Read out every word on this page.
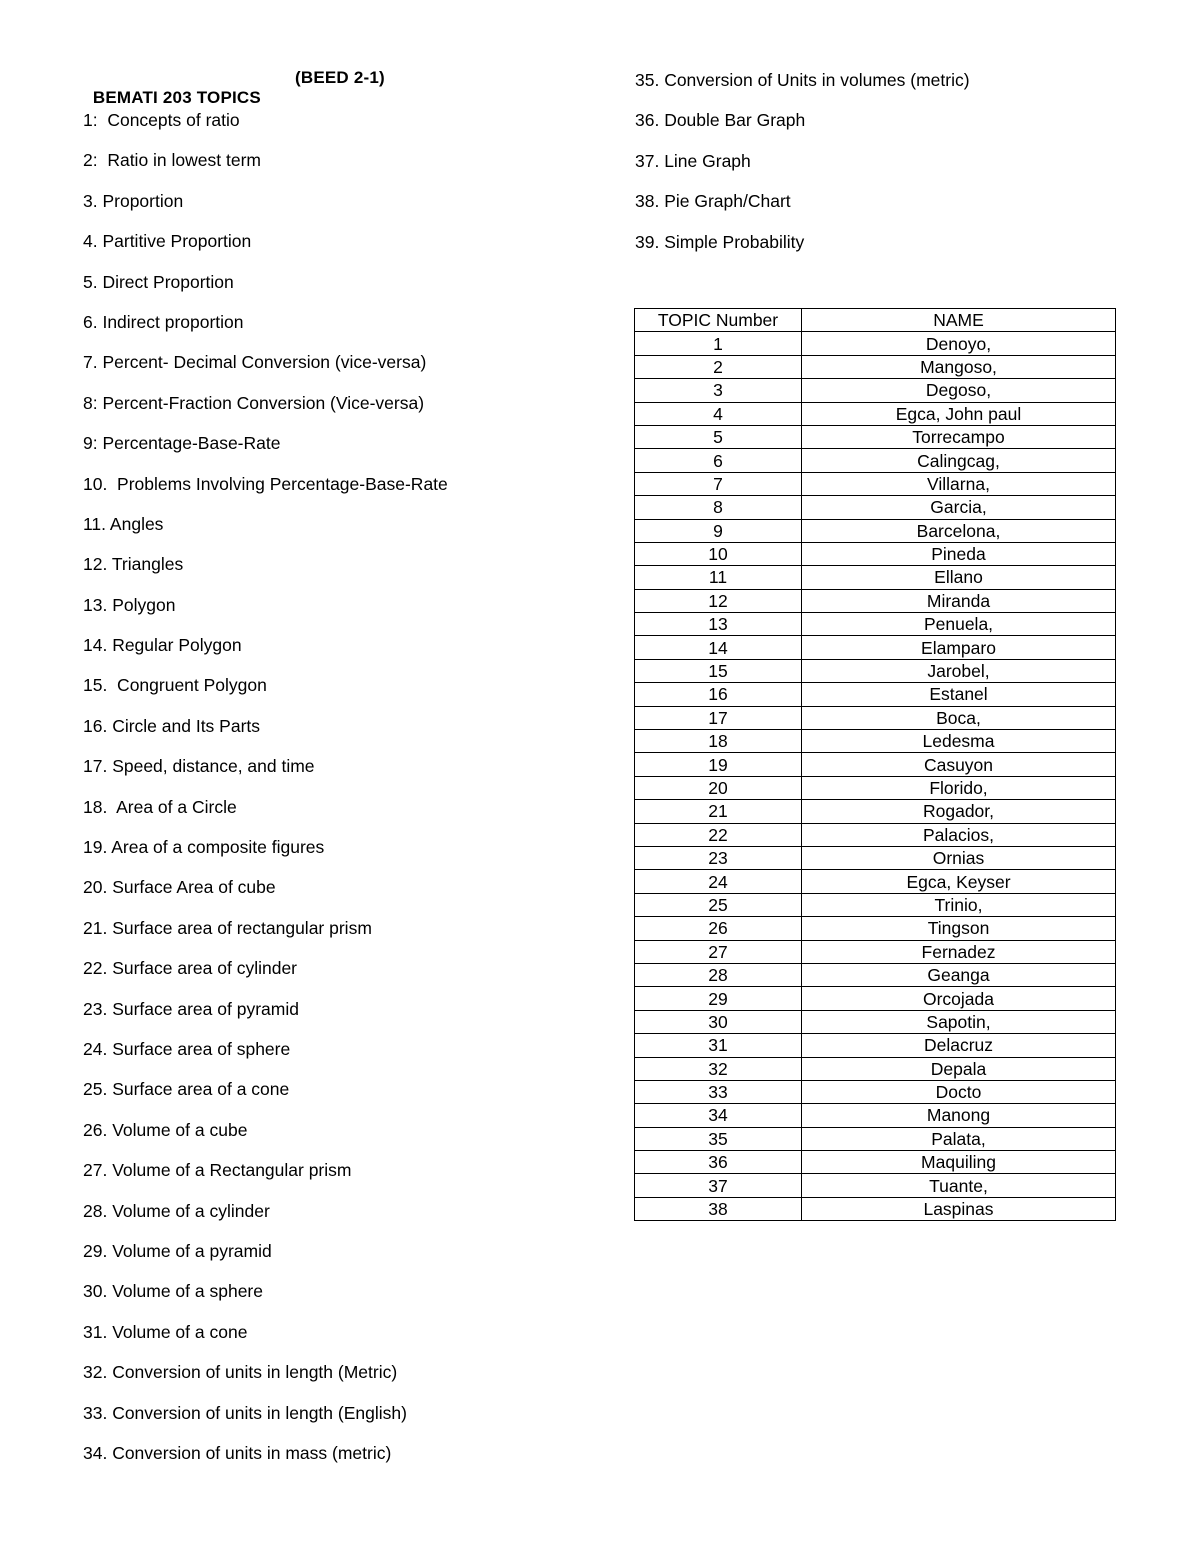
BEMATI 203 TOPICS

(BEED 2-1)

1:  Concepts of ratio
2:  Ratio in lowest term
3. Proportion
4. Partitive Proportion
5. Direct Proportion
6. Indirect proportion
7. Percent- Decimal Conversion (vice-versa)
8: Percent-Fraction Conversion (Vice-versa)
9: Percentage-Base-Rate
10.  Problems Involving Percentage-Base-Rate
11. Angles
12. Triangles
13. Polygon
14. Regular Polygon
15.  Congruent Polygon
16. Circle and Its Parts
17. Speed, distance, and time
18.  Area of a Circle
19. Area of a composite figures
20. Surface Area of cube
21. Surface area of rectangular prism
22. Surface area of cylinder
23. Surface area of pyramid
24. Surface area of sphere
25. Surface area of a cone
26. Volume of a cube
27. Volume of a Rectangular prism
28. Volume of a cylinder
29. Volume of a pyramid
30. Volume of a sphere
31. Volume of a cone
32. Conversion of units in length (Metric)
33. Conversion of units in length (English)
34. Conversion of units in mass (metric)
35. Conversion of Units in volumes (metric)
36. Double Bar Graph
37. Line Graph
38. Pie Graph/Chart
39. Simple Probability
TOPIC Number	NAME
1	Denoyo,
2	Mangoso,
3	Degoso,
4	Egca, John paul
5	Torrecampo
6	Calingcag,
7	Villarna,
8	Garcia,
9	Barcelona,
10	Pineda
11	Ellano
12	Miranda
13	Penuela,
14	Elamparo
15	Jarobel,
16	Estanel
17	Boca,
18	Ledesma
19	Casuyon
20	Florido,
21	Rogador,
22	Palacios,
23	Ornias
24	Egca, Keyser
25	Trinio,
26	Tingson
27	Fernadez
28	Geanga
29	Orcojada
30	Sapotin,
31	Delacruz
32	Depala
33	Docto
34	Manong
35	Palata,
36	Maquiling
37	Tuante,
38	Laspinas
